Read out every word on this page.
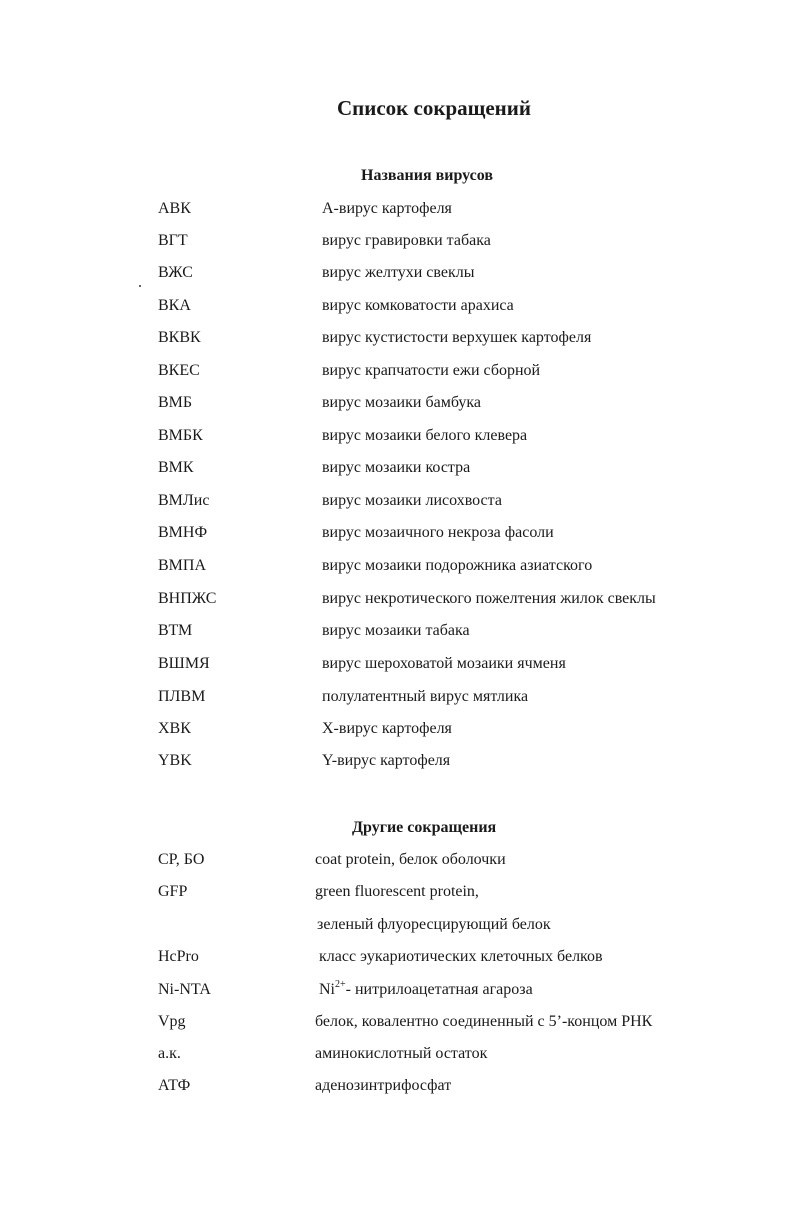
Список сокращений
Названия вирусов
АВК	А-вирус картофеля
ВГТ	вирус гравировки табака
ВЖС	вирус желтухи свеклы
ВКА	вирус комковатости арахиса
ВКВК	вирус кустистости верхушек картофеля
ВКЕС	вирус крапчатости ежи сборной
ВМБ	вирус мозаики бамбука
ВМБК	вирус мозаики белого клевера
ВМК	вирус мозаики костра
ВМЛис	вирус мозаики лисохвоста
ВМНФ	вирус мозаичного некроза фасоли
ВМПА	вирус мозаики подорожника азиатского
ВНПЖС	вирус некротического пожелтения жилок свеклы
ВТМ	вирус мозаики табака
ВШМЯ	вирус шероховатой мозаики ячменя
ПЛВМ	полулатентный вирус мятлика
ХВК	Х-вирус картофеля
YBK	Y-вирус картофеля
Другие сокращения
CP, БО	coat protein, белок оболочки
GFP	green fluorescent protein,
зеленый флуоресцирующий белок
HcPro	класс эукариотических клеточных белков
Ni-NTA	$Ni^{2+}-$ нитрилоацетатная агароза
Vpg	белок, ковалентно соединенный с 5’-концом РНК
а.к.	аминокислотный остаток
АТФ	аденозинтрифосфат
